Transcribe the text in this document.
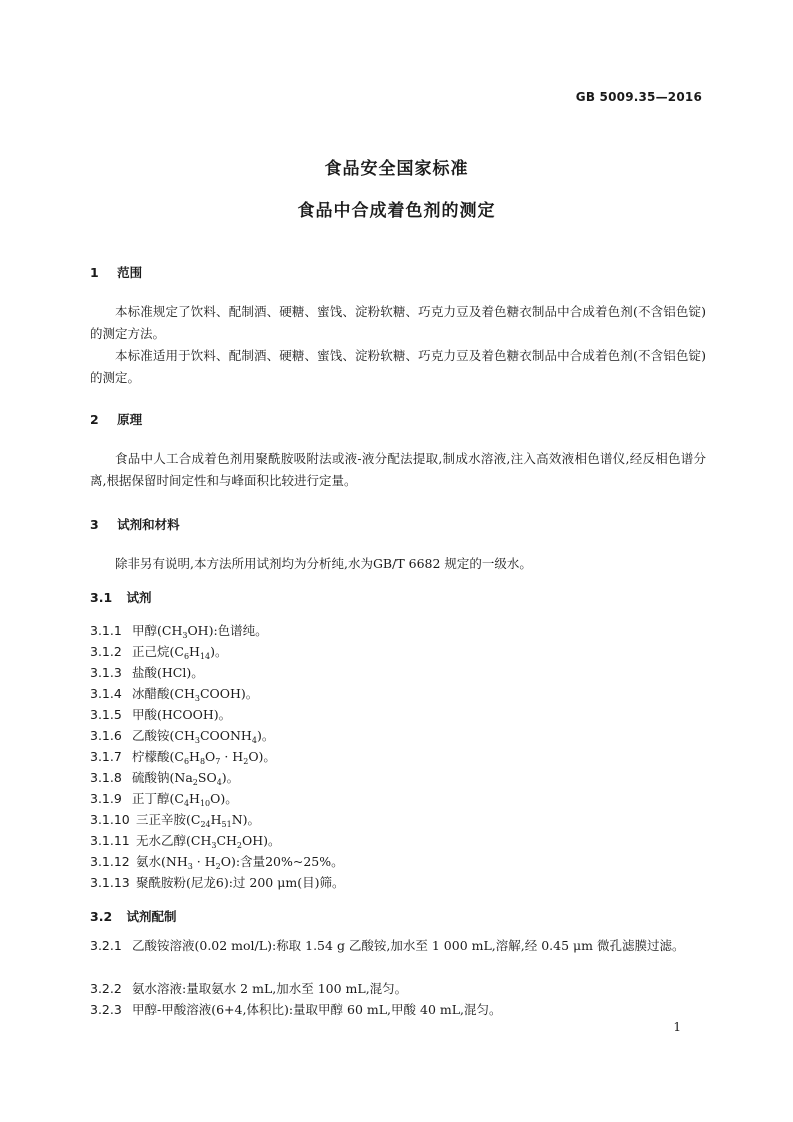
GB 5009.35—2016
食品安全国家标准
食品中合成着色剂的测定
1 范围
本标准规定了饮料、配制酒、硬糖、蜜饯、淀粉软糖、巧克力豆及着色糖衣制品中合成着色剂(不含铝色锭)的测定方法。
本标准适用于饮料、配制酒、硬糖、蜜饯、淀粉软糖、巧克力豆及着色糖衣制品中合成着色剂(不含铝色锭)的测定。
2 原理
食品中人工合成着色剂用聚酰胺吸附法或液-液分配法提取,制成水溶液,注入高效液相色谱仪,经反相色谱分离,根据保留时间定性和与峰面积比较进行定量。
3 试剂和材料
除非另有说明,本方法所用试剂均为分析纯,水为GB/T 6682 规定的一级水。
3.1 试剂
3.1.1 甲醇$(CH_3OH)$:色谱纯。
3.1.2 正己烷$(C_6H_{14})$。
3.1.3 盐酸(HCl)。
3.1.4 冰醋酸$(CH_3COOH)$。
3.1.5 甲酸(HCOOH)。
3.1.6 乙酸铵$(CH_3COONH_4)$。
3.1.7 柠檬酸$(C_6H_8O_7 \cdot H_2O)$。
3.1.8 硫酸钠$(Na_2SO_4)$。
3.1.9 正丁醇$(C_4H_{10}O)$。
3.1.10 三正辛胺$(C_{24}H_{51}N)$。
3.1.11 无水乙醇$(CH_3CH_2OH)$。
3.1.12 氨水$(NH_3 \cdot H_2O)$:含量20%~25%。
3.1.13 聚酰胺粉(尼龙6):过 200 μm(目)筛。
3.2 试剂配制
3.2.1 乙酸铵溶液(0.02 mol/L):称取 1.54 g 乙酸铵,加水至 1 000 mL,溶解,经 0.45 μm 微孔滤膜过滤。
3.2.2 氨水溶液:量取氨水 2 mL,加水至 100 mL,混匀。
3.2.3 甲醇-甲酸溶液(6+4,体积比):量取甲醇 60 mL,甲酸 40 mL,混匀。
1
